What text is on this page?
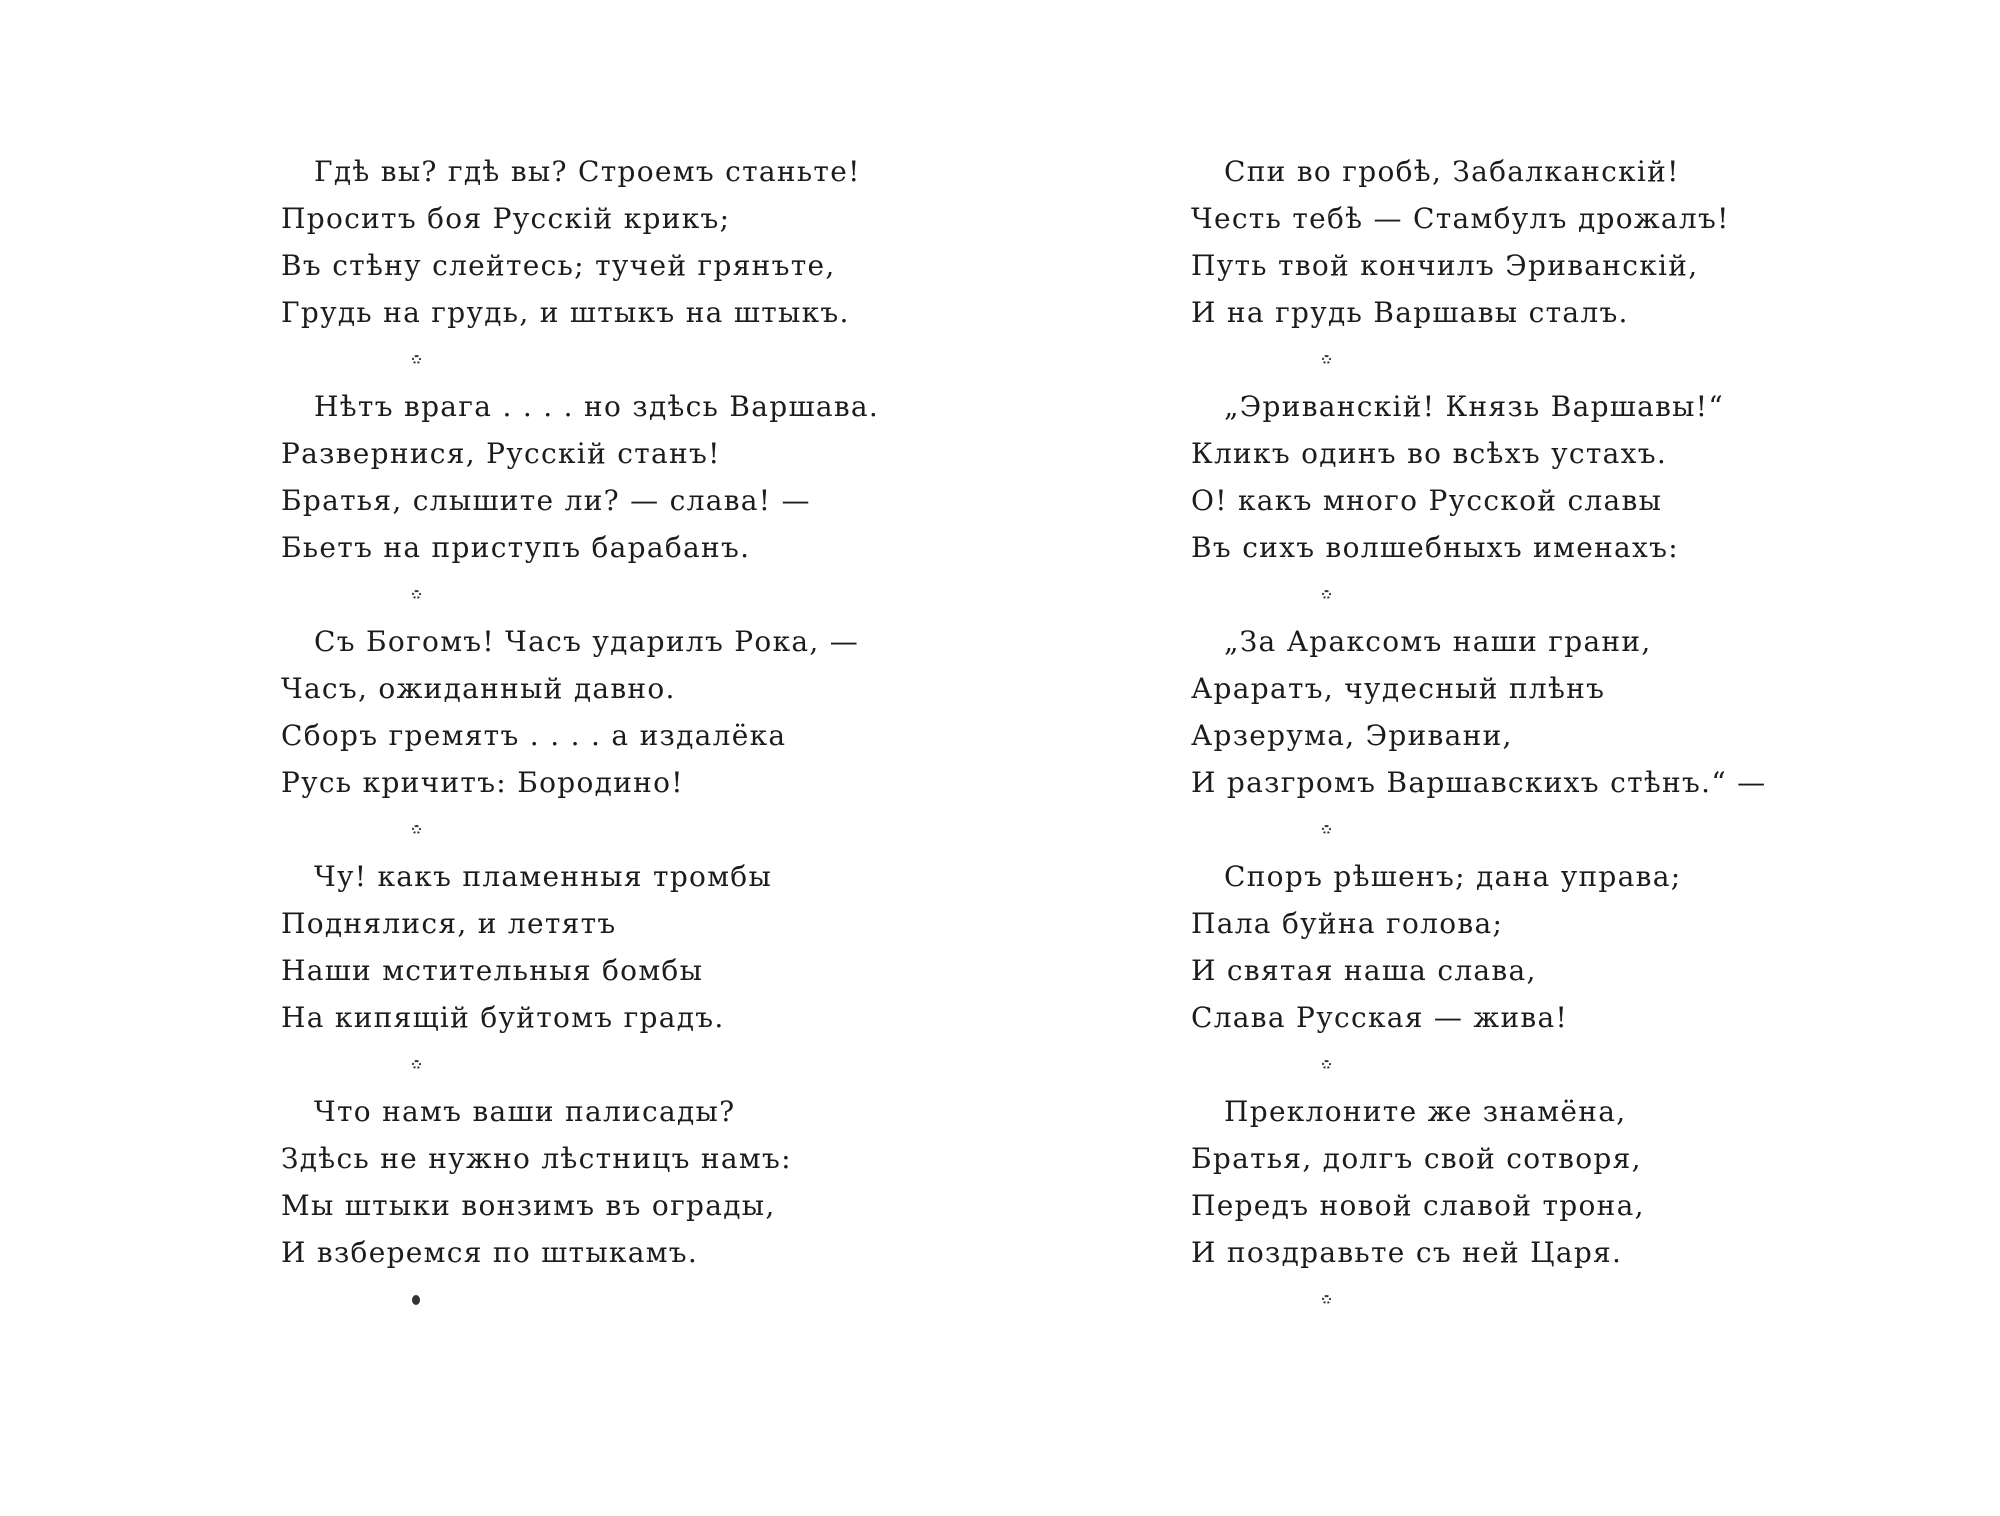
Гдѣ вы? гдѣ вы? Строемъ станьте!
Проситъ боя Русскій крикъ;
Въ стѣну слейтесь; тучей грянъте,
Грудь на грудь, и штыкъ на штыкъ.
Нѣтъ врага . . . . но здѣсь Варшава.
Развернися, Русскій станъ!
Братья, слышите ли? — слава! —
Бьетъ на приступъ барабанъ.
Съ Богомъ! Часъ ударилъ Рока, —
Часъ, ожиданный давно.
Сборъ гремятъ . . . . а издалёка
Русь кричитъ: Бородино!
Чу! какъ пламенныя тромбы
Поднялися, и летятъ
Наши мстительныя бомбы
На кипящій буйтомъ градъ.
Что намъ ваши палисады?
Здѣсь не нужно лѣстницъ намъ:
Мы штыки вонзимъ въ ограды,
И взберемся по штыкамъ.
Спи во гробѣ, Забалканскій!
Честь тебѣ — Стамбулъ дрожалъ!
Путь твой кончилъ Эриванскій,
И на грудь Варшавы сталъ.
„Эриванскій! Князь Варшавы!“
Кликъ одинъ во всѣхъ устахъ.
О! какъ много Русской славы
Въ сихъ волшебныхъ именахъ:
„За Араксомъ наши грани,
Араратъ, чудесный плѣнъ
Арзерума, Эривани,
И разгромъ Варшавскихъ стѣнъ.“ —
Споръ рѣшенъ; дана управа;
Пала буйна голова;
И святая наша слава,
Слава Русская — жива!
Преклоните же знамёна,
Братья, долгъ свой сотворя,
Передъ новой славой трона,
И поздравьте съ ней Царя.
